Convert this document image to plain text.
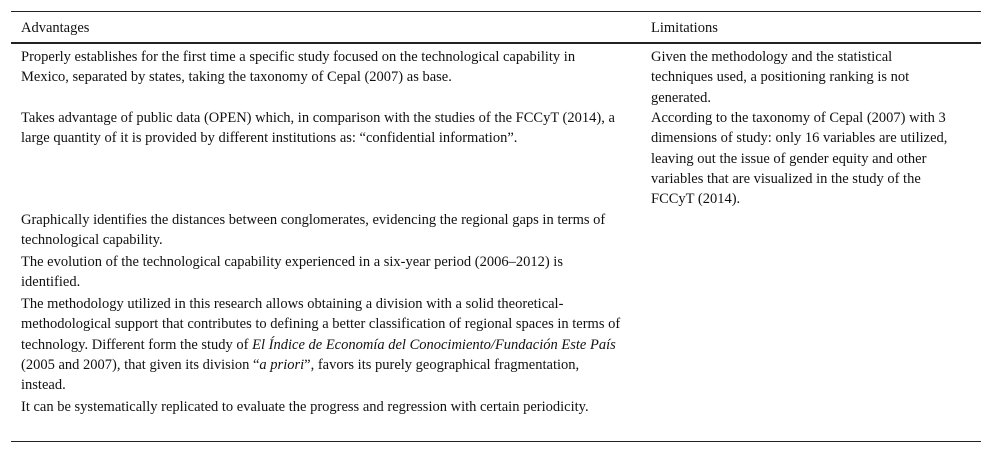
Advantages	Limitations

Properly establishes for the first time a specific study focused on the technological capability in Mexico, separated by states, taking the taxonomy of Cepal (2007) as base.

Takes advantage of public data (OPEN) which, in comparison with the studies of the FCCyT (2014), a large quantity of it is provided by different institutions as: “confidential information”.

Graphically identifies the distances between conglomerates, evidencing the regional gaps in terms of technological capability.

The evolution of the technological capability experienced in a six-year period (2006–2012) is identified.

The methodology utilized in this research allows obtaining a division with a solid theoretical-methodological support that contributes to defining a better classification of regional spaces in terms of technology. Different form the study of El Índice de Economía del Conocimiento/Fundación Este País (2005 and 2007), that given its division “a priori”, favors its purely geographical fragmentation, instead.

It can be systematically replicated to evaluate the progress and regression with certain periodicity.

Given the methodology and the statistical techniques used, a positioning ranking is not generated.

According to the taxonomy of Cepal (2007) with 3 dimensions of study: only 16 variables are utilized, leaving out the issue of gender equity and other variables that are visualized in the study of the FCCyT (2014).
